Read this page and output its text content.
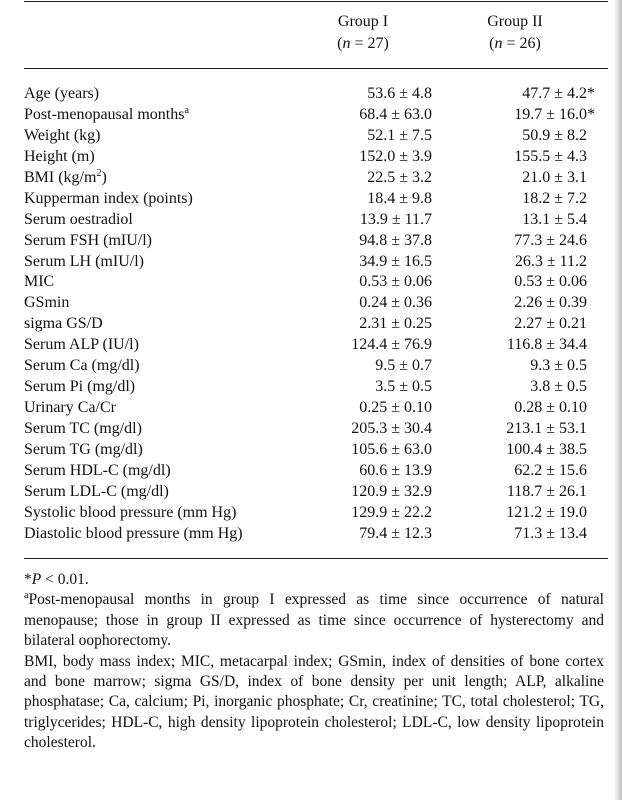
Group I
(n = 27)
Group II
(n = 26)
Age (years)	53.6 ± 4.8	47.7 ± 4.2*
Post-menopausal months$^a$	68.4 ± 63.0	19.7 ± 16.0*
Weight (kg)	52.1 ± 7.5	50.9 ± 8.2
Height (m)	152.0 ± 3.9	155.5 ± 4.3
BMI $(kg/m^2)$	22.5 ± 3.2	21.0 ± 3.1
Kupperman index (points)	18.4 ± 9.8	18.2 ± 7.2
Serum oestradiol	13.9 ± 11.7	13.1 ± 5.4
Serum FSH (mIU/l)	94.8 ± 37.8	77.3 ± 24.6
Serum LH (mIU/l)	34.9 ± 16.5	26.3 ± 11.2
MIC	0.53 ± 0.06	0.53 ± 0.06
GSmin	0.24 ± 0.36	2.26 ± 0.39
sigma GS/D	2.31 ± 0.25	2.27 ± 0.21
Serum ALP (IU/l)	124.4 ± 76.9	116.8 ± 34.4
Serum Ca (mg/dl)	9.5 ± 0.7	9.3 ± 0.5
Serum Pi (mg/dl)	3.5 ± 0.5	3.8 ± 0.5
Urinary Ca/Cr	0.25 ± 0.10	0.28 ± 0.10
Serum TC (mg/dl)	205.3 ± 30.4	213.1 ± 53.1
Serum TG (mg/dl)	105.6 ± 63.0	100.4 ± 38.5
Serum HDL-C (mg/dl)	60.6 ± 13.9	62.2 ± 15.6
Serum LDL-C (mg/dl)	120.9 ± 32.9	118.7 ± 26.1
Systolic blood pressure (mm Hg)	129.9 ± 22.2	121.2 ± 19.0
Diastolic blood pressure (mm Hg)	79.4 ± 12.3	71.3 ± 13.4

*P < 0.01.

$^a$Post-menopausal months in group I expressed as time since occurrence of natural menopause; those in group II expressed as time since occurrence of hysterectomy and bilateral oophorectomy.

BMI, body mass index; MIC, metacarpal index; GSmin, index of densities of bone cortex and bone marrow; sigma GS/D, index of bone density per unit length; ALP, alkaline phosphatase; Ca, calcium; Pi, inorganic phosphate; Cr, creatinine; TC, total cholesterol; TG, triglycerides; HDL-C, high density lipoprotein cholesterol; LDL-C, low density lipoprotein cholesterol.
